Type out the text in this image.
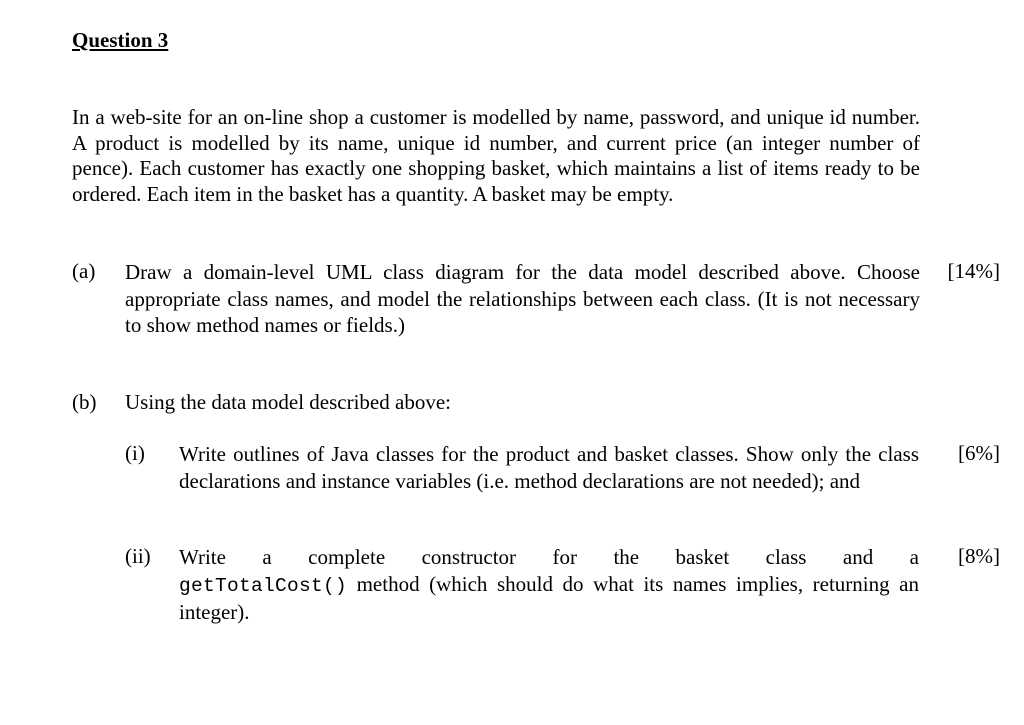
Question 3

In a web-site for an on-line shop a customer is modelled by name, password, and unique id number. A product is modelled by its name, unique id number, and current price (an integer number of pence). Each customer has exactly one shopping basket, which maintains a list of items ready to be ordered. Each item in the basket has a quantity. A basket may be empty.

(a) Draw a domain-level UML class diagram for the data model described above. Choose appropriate class names, and model the relationships between each class. (It is not necessary to show method names or fields.)

[14%]
(b) Using the data model described above:
(i) Write outlines of Java classes for the product and basket classes. Show only the class declarations and instance variables (i.e. method declarations are not needed); and

[6%]
(ii) Write a complete constructor for the basket class and a
getTotalCost() method (which should do what its names implies, returning an integer).
[8%]
